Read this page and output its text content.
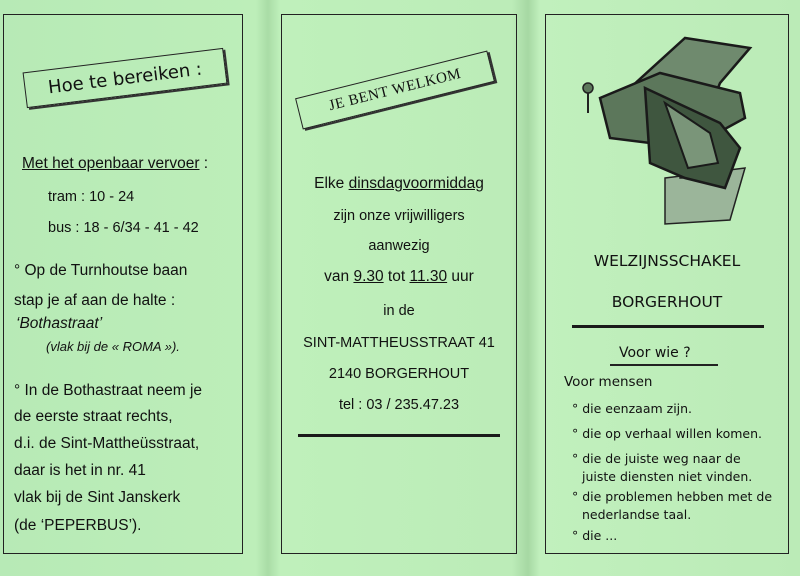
Hoe te bereiken :
Met het openbaar vervoer :
tram : 10 - 24
bus : 18 - 6/34 - 41 - 42
° Op de Turnhoutse baan
stap je af aan de halte :
‘Bothastraat’
(vlak bij de « ROMA »).
° In de Bothastraat neem je
de eerste straat rechts,
d.i. de Sint-Mattheüsstraat,
daar is het in nr. 41
vlak bij de Sint Janskerk
(de ‘PEPERBUS’).
JE BENT WELKOM
Elke dinsdagvoormiddag
zijn onze vrijwilligers
aanwezig
van 9.30 tot 11.30 uur
in de
SINT-MATTHEUSSTRAAT 41
2140 BORGERHOUT
tel : 03 / 235.47.23
WELZIJNSSCHAKEL
BORGERHOUT
Voor wie ?
Voor mensen
° die eenzaam zijn.
° die op verhaal willen komen.
° die de juiste weg naar de
juiste diensten niet vinden.
° die problemen hebben met de
nederlandse taal.
° die ...
